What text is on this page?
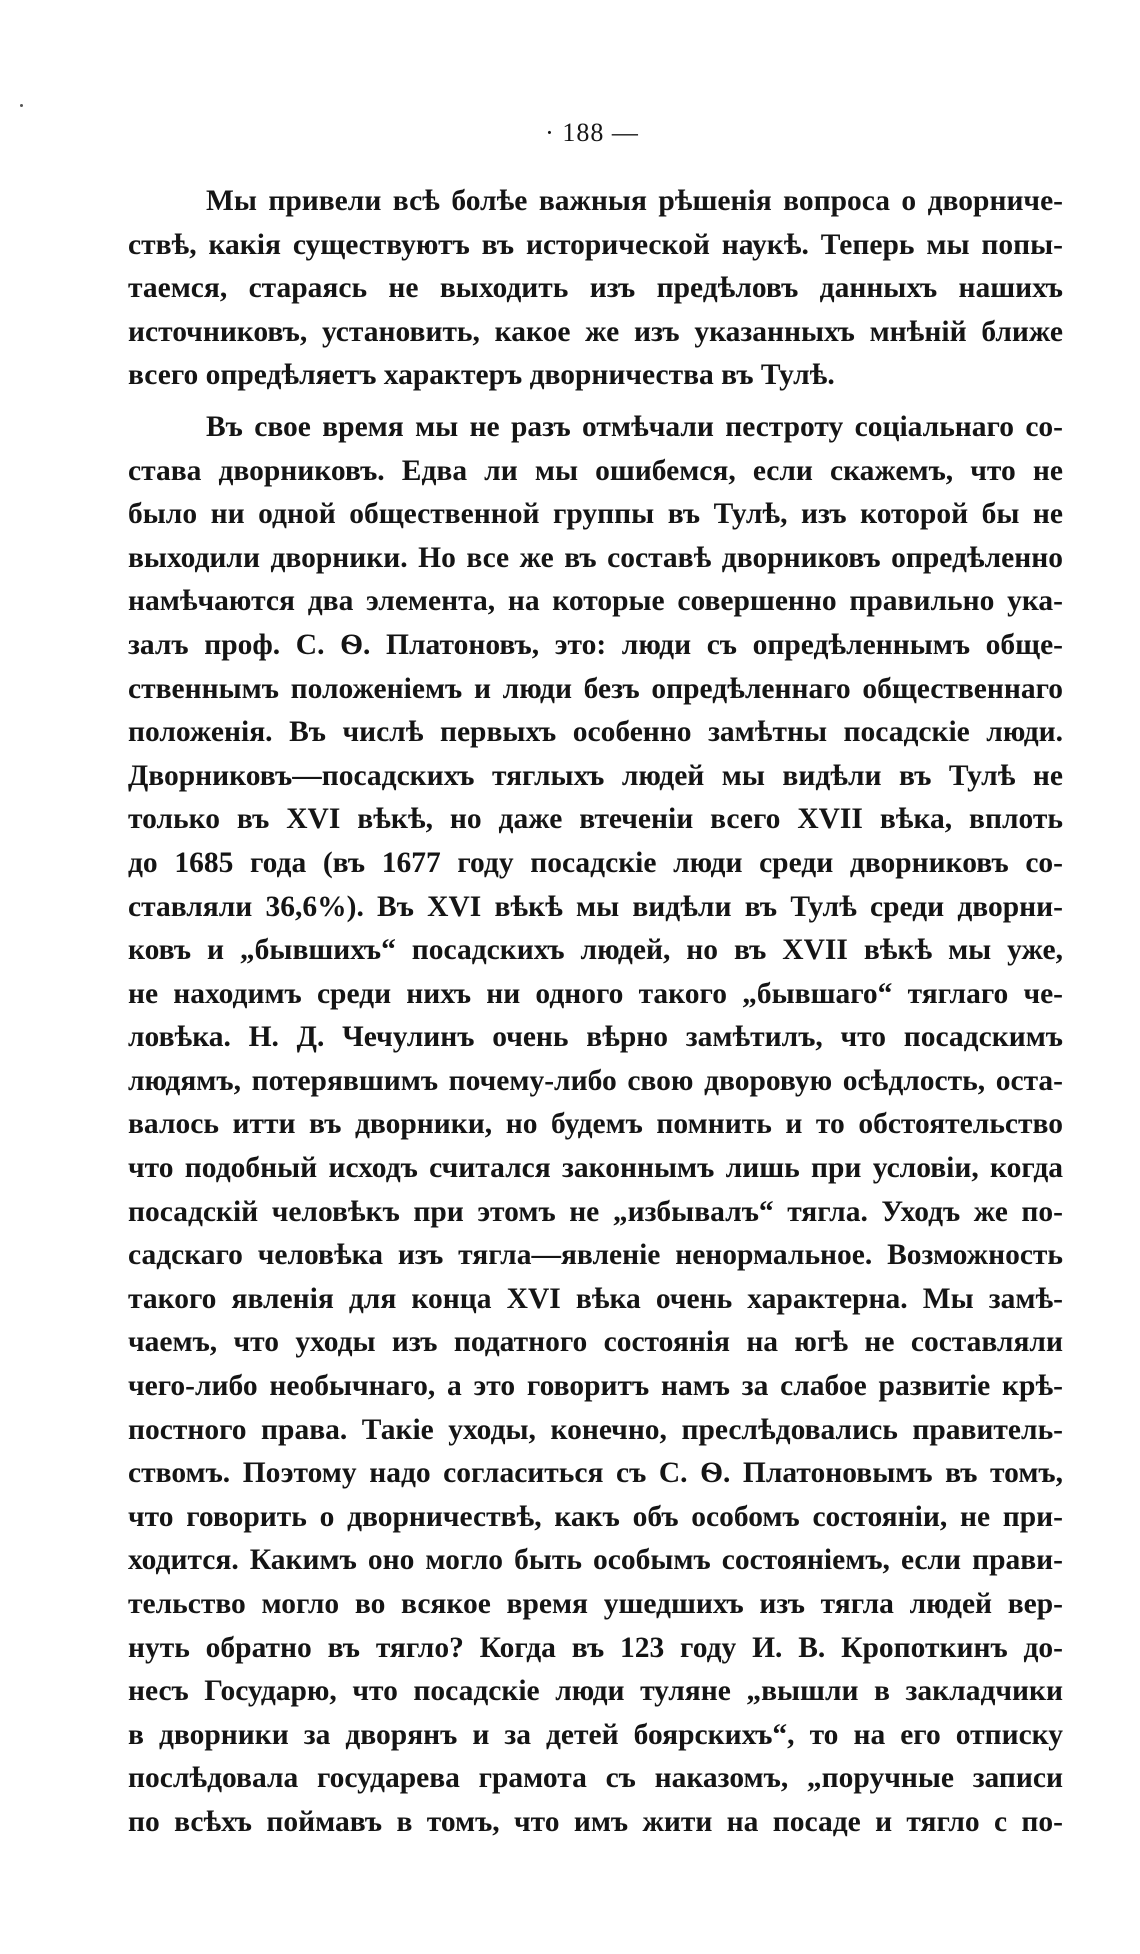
· 188 —
Мы привели всѣ болѣе важныя рѣшенія вопроса о дворниче-
ствѣ, какія существуютъ въ исторической наукѣ. Теперь мы попы-
таемся, стараясь не выходить изъ предѣловъ данныхъ нашихъ
источниковъ, установить, какое же изъ указанныхъ мнѣній ближе
всего опредѣляетъ характеръ дворничества въ Тулѣ.
Въ свое время мы не разъ отмѣчали пестроту соціальнаго со-
става дворниковъ. Едва ли мы ошибемся, если скажемъ, что не
было ни одной общественной группы въ Тулѣ, изъ которой бы не
выходили дворники. Но все же въ составѣ дворниковъ опредѣленно
намѣчаются два элемента, на которые совершенно правильно ука-
залъ проф. С. Ѳ. Платоновъ, это: люди съ опредѣленнымъ обще-
ственнымъ положеніемъ и люди безъ опредѣленнаго общественнаго
положенія. Въ числѣ первыхъ особенно замѣтны посадскіе люди.
Дворниковъ—посадскихъ тяглыхъ людей мы видѣли въ Тулѣ не
только въ XVI вѣкѣ, но даже втеченіи всего XVII вѣка, вплоть
до 1685 года (въ 1677 году посадскіе люди среди дворниковъ со-
ставляли 36,6%). Въ XVI вѣкѣ мы видѣли въ Тулѣ среди дворни-
ковъ и „бывшихъ“ посадскихъ людей, но въ XVII вѣкѣ мы уже,
не находимъ среди нихъ ни одного такого „бывшаго“ тяглаго че-
ловѣка. Н. Д. Чечулинъ очень вѣрно замѣтилъ, что посадскимъ
людямъ, потерявшимъ почему-либо свою дворовую осѣдлость, оста-
валось итти въ дворники, но будемъ помнить и то обстоятельство
что подобный исходъ считался законнымъ лишь при условіи, когда
посадскій человѣкъ при этомъ не „избывалъ“ тягла. Уходъ же по-
садскаго человѣка изъ тягла—явленіе ненормальное. Возможность
такого явленія для конца XVI вѣка очень характерна. Мы замѣ-
чаемъ, что уходы изъ податного состоянія на югѣ не составляли
чего-либо необычнаго, а это говоритъ намъ за слабое развитіе крѣ-
постного права. Такіе уходы, конечно, преслѣдовались правитель-
ствомъ. Поэтому надо согласиться съ С. Ѳ. Платоновымъ въ томъ,
что говорить о дворничествѣ, какъ объ особомъ состояніи, не при-
ходится. Какимъ оно могло быть особымъ состояніемъ, если прави-
тельство могло во всякое время ушедшихъ изъ тягла людей вер-
нуть обратно въ тягло? Когда въ 123 году И. В. Кропоткинъ до-
несъ Государю, что посадскіе люди туляне „вышли в закладчики
в дворники за дворянъ и за детей боярскихъ“, то на его отписку
послѣдовала государева грамота съ наказомъ, „поручные записи
по всѣхъ поймавъ в томъ, что имъ жити на посаде и тягло с по-
